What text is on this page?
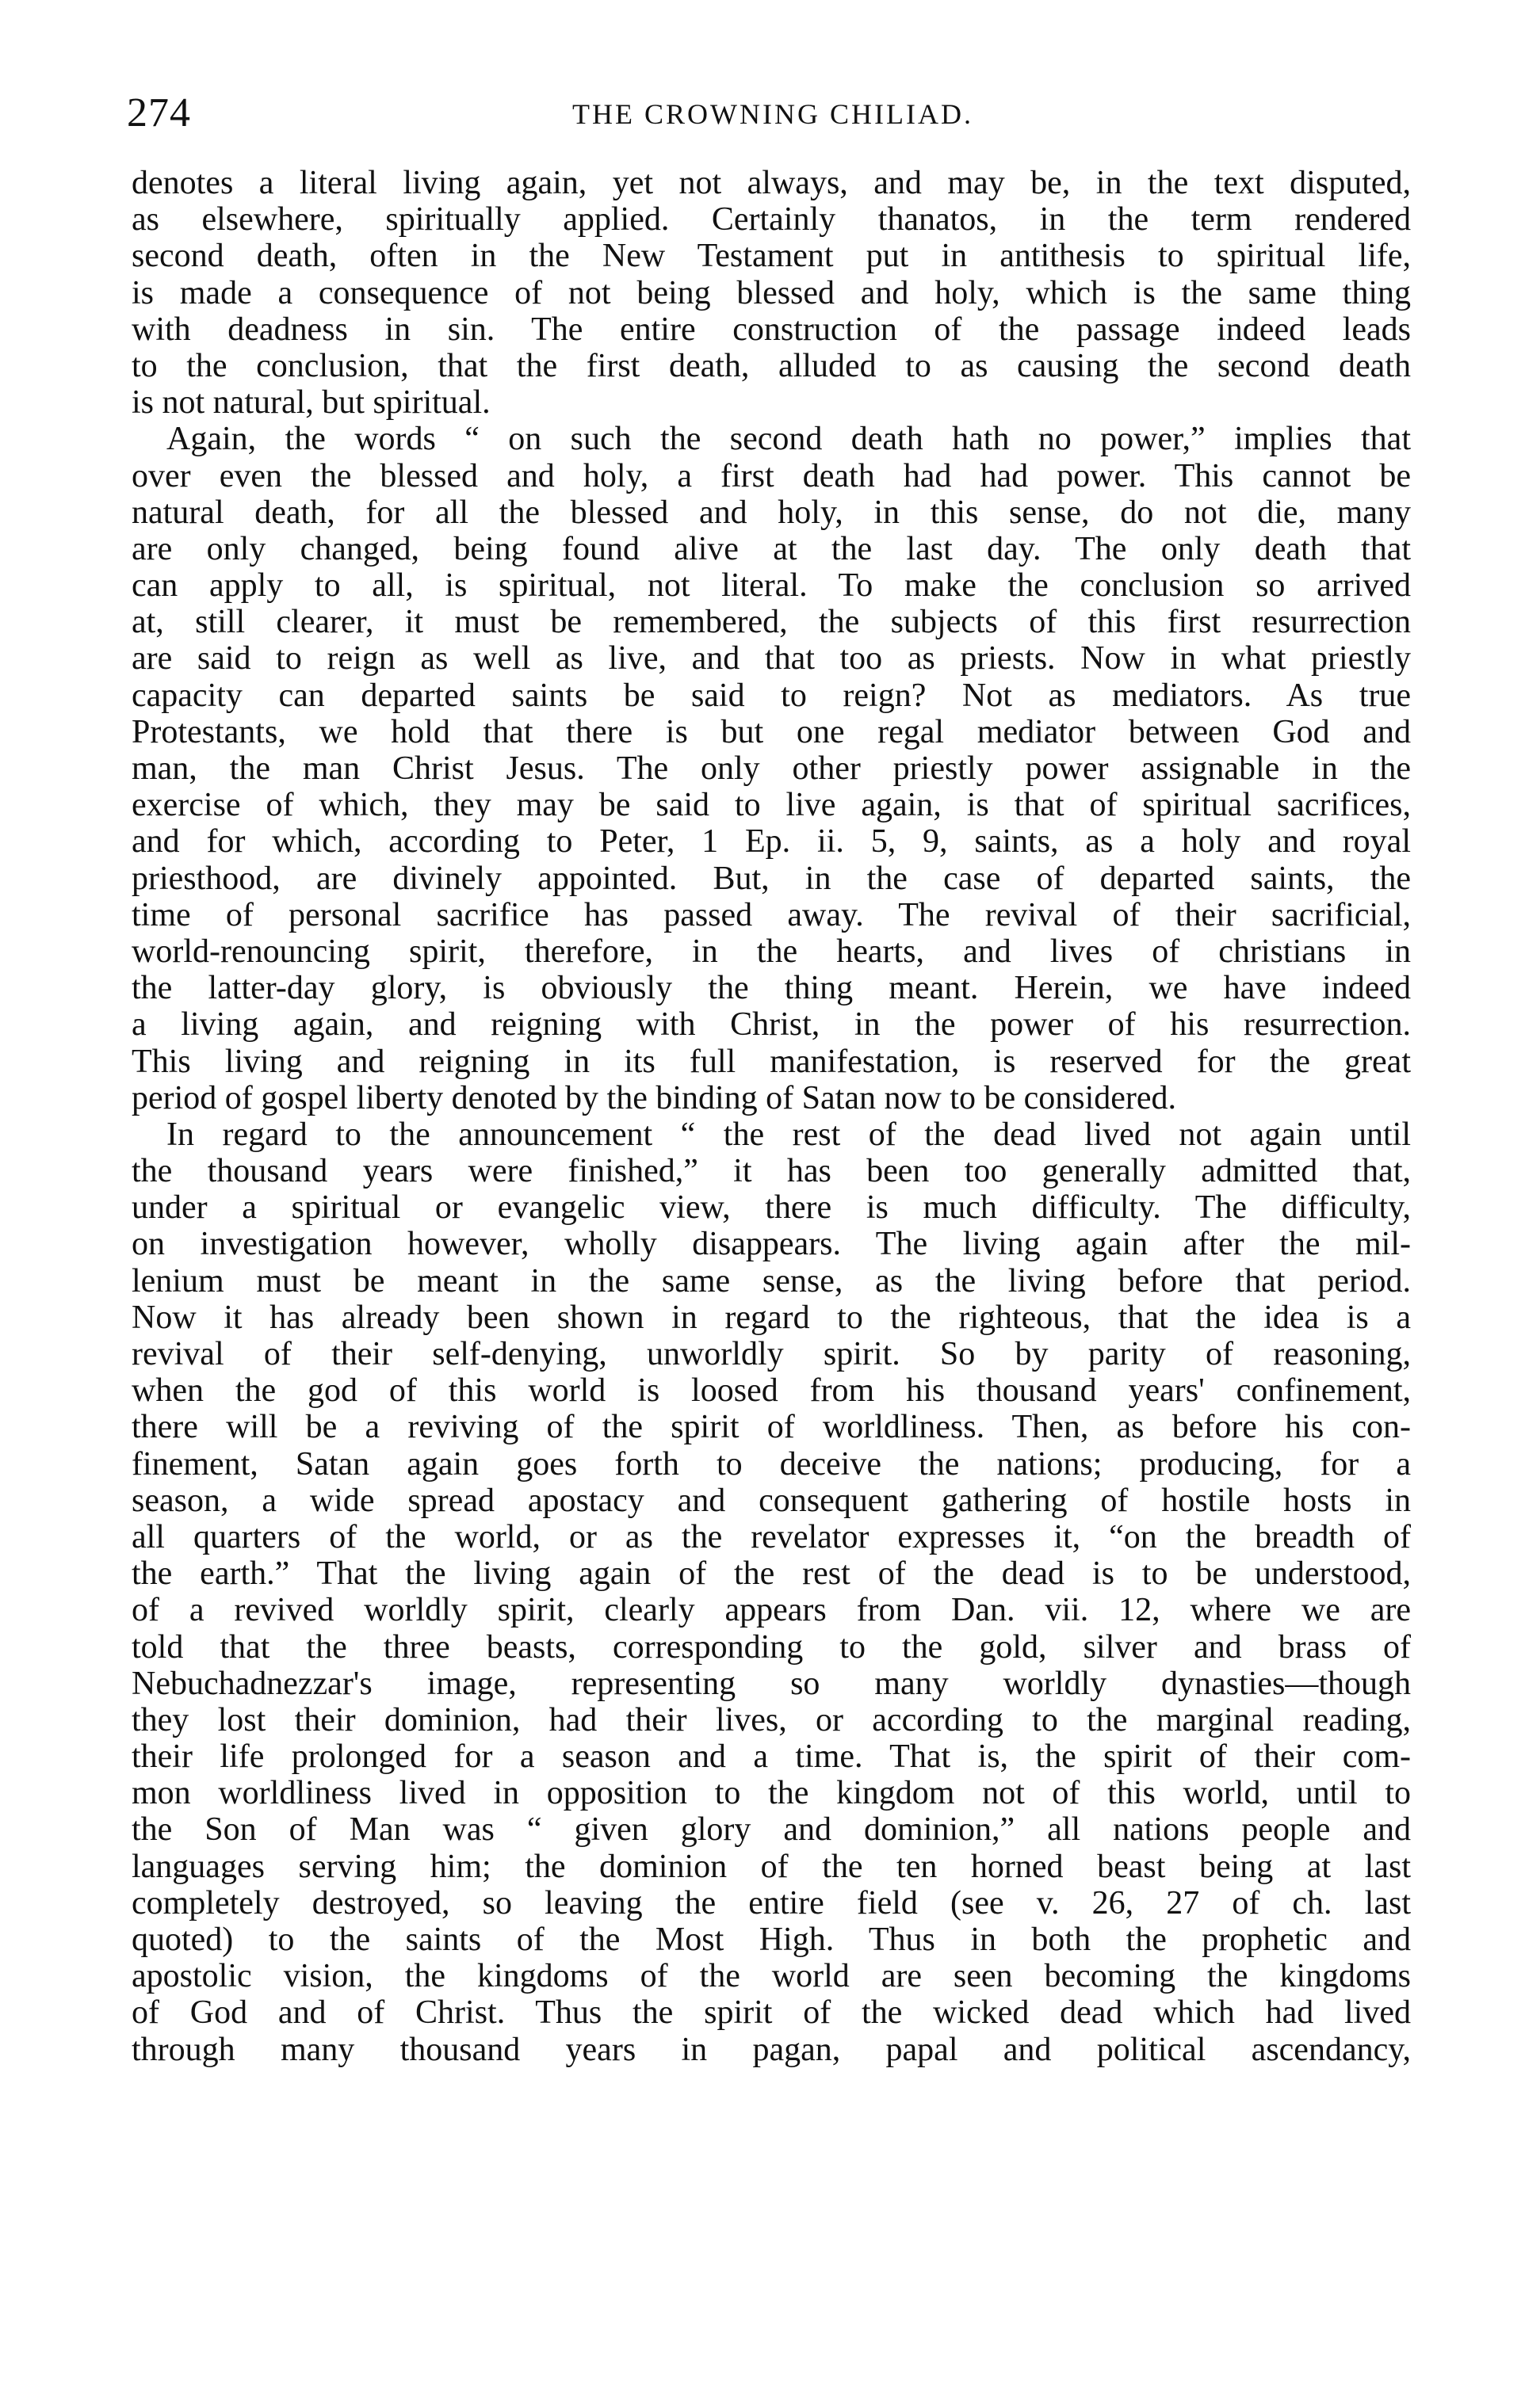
274	THE CROWNING CHILIAD.
denotes a literal living again, yet not always, and may be, in the text disputed,
as elsewhere, spiritually applied. Certainly thanatos, in the term rendered
second death, often in the New Testament put in antithesis to spiritual life,
is made a consequence of not being blessed and holy, which is the same thing
with deadness in sin. The entire construction of the passage indeed leads
to the conclusion, that the first death, alluded to as causing the second death
is not natural, but spiritual.
Again, the words “ on such the second death hath no power,” implies that
over even the blessed and holy, a first death had had power. This cannot be
natural death, for all the blessed and holy, in this sense, do not die, many
are only changed, being found alive at the last day. The only death that
can apply to all, is spiritual, not literal. To make the conclusion so arrived
at, still clearer, it must be remembered, the subjects of this first resurrection
are said to reign as well as live, and that too as priests. Now in what priestly
capacity can departed saints be said to reign? Not as mediators. As true
Protestants, we hold that there is but one regal mediator between God and
man, the man Christ Jesus. The only other priestly power assignable in the
exercise of which, they may be said to live again, is that of spiritual sacrifices,
and for which, according to Peter, 1 Ep. ii. 5, 9, saints, as a holy and royal
priesthood, are divinely appointed. But, in the case of departed saints, the
time of personal sacrifice has passed away. The revival of their sacrificial,
world-renouncing spirit, therefore, in the hearts, and lives of christians in
the latter-day glory, is obviously the thing meant. Herein, we have indeed
a living again, and reigning with Christ, in the power of his resurrection.
This living and reigning in its full manifestation, is reserved for the great
period of gospel liberty denoted by the binding of Satan now to be considered.
In regard to the announcement “ the rest of the dead lived not again until
the thousand years were finished,” it has been too generally admitted that,
under a spiritual or evangelic view, there is much difficulty. The difficulty,
on investigation however, wholly disappears. The living again after the mil-
lenium must be meant in the same sense, as the living before that period.
Now it has already been shown in regard to the righteous, that the idea is a
revival of their self-denying, unworldly spirit. So by parity of reasoning,
when the god of this world is loosed from his thousand years' confinement,
there will be a reviving of the spirit of worldliness. Then, as before his con-
finement, Satan again goes forth to deceive the nations; producing, for a
season, a wide spread apostacy and consequent gathering of hostile hosts in
all quarters of the world, or as the revelator expresses it, “on the breadth of
the earth.” That the living again of the rest of the dead is to be understood,
of a revived worldly spirit, clearly appears from Dan. vii. 12, where we are
told that the three beasts, corresponding to the gold, silver and brass of
Nebuchadnezzar's image, representing so many worldly dynasties—though
they lost their dominion, had their lives, or according to the marginal reading,
their life prolonged for a season and a time. That is, the spirit of their com-
mon worldliness lived in opposition to the kingdom not of this world, until to
the Son of Man was “ given glory and dominion,” all nations people and
languages serving him; the dominion of the ten horned beast being at last
completely destroyed, so leaving the entire field (see v. 26, 27 of ch. last
quoted) to the saints of the Most High. Thus in both the prophetic and
apostolic vision, the kingdoms of the world are seen becoming the kingdoms
of God and of Christ. Thus the spirit of the wicked dead which had lived
through many thousand years in pagan, papal and political ascendancy,
